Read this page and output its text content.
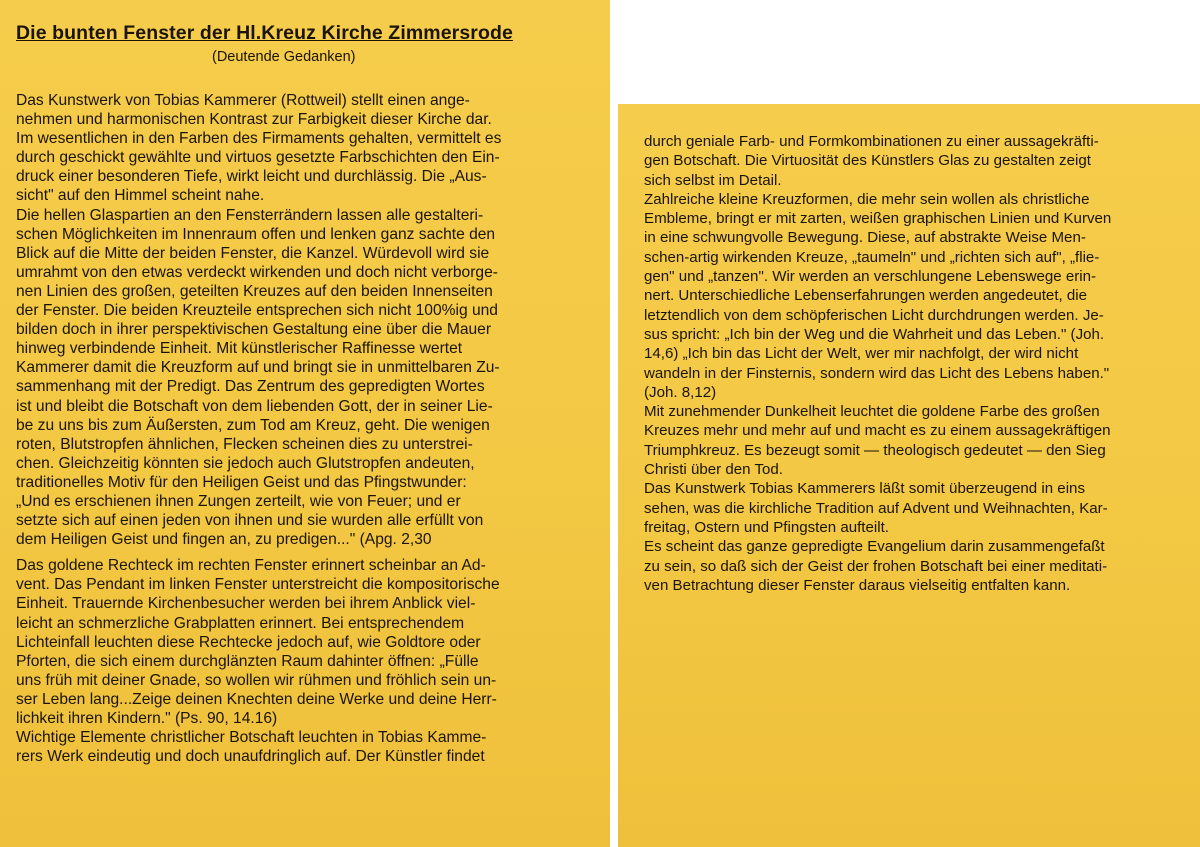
Die bunten Fenster der Hl.Kreuz Kirche Zimmersrode
(Deutende Gedanken)
Das Kunstwerk von Tobias Kammerer (Rottweil) stellt einen ange-
nehmen und harmonischen Kontrast zur Farbigkeit dieser Kirche dar.
Im wesentlichen in den Farben des Firmaments gehalten, vermittelt es
durch geschickt gewählte und virtuos gesetzte Farbschichten den Ein-
druck einer besonderen Tiefe, wirkt leicht und durchlässig. Die „Aus-
sicht" auf den Himmel scheint nahe.
Die hellen Glaspartien an den Fensterrändern lassen alle gestalteri-
schen Möglichkeiten im Innenraum offen und lenken ganz sachte den
Blick auf die Mitte der beiden Fenster, die Kanzel. Würdevoll wird sie
umrahmt von den etwas verdeckt wirkenden und doch nicht verborge-
nen Linien des großen, geteilten Kreuzes auf den beiden Innenseiten
der Fenster. Die beiden Kreuzteile entsprechen sich nicht 100%ig und
bilden doch in ihrer perspektivischen Gestaltung eine über die Mauer
hinweg verbindende Einheit. Mit künstlerischer Raffinesse wertet
Kammerer damit die Kreuzform auf und bringt sie in unmittelbaren Zu-
sammenhang mit der Predigt. Das Zentrum des gepredigten Wortes
ist und bleibt die Botschaft von dem liebenden Gott, der in seiner Lie-
be zu uns bis zum Äußersten, zum Tod am Kreuz, geht. Die wenigen
roten, Blutstropfen ähnlichen, Flecken scheinen dies zu unterstrei-
chen. Gleichzeitig könnten sie jedoch auch Glutstropfen andeuten,
traditionelles Motiv für den Heiligen Geist und das Pfingstwunder:
„Und es erschienen ihnen Zungen zerteilt, wie von Feuer; und er
setzte sich auf einen jeden von ihnen und sie wurden alle erfüllt von
dem Heiligen Geist und fingen an, zu predigen..." (Apg. 2,30
Das goldene Rechteck im rechten Fenster erinnert scheinbar an Ad-
vent. Das Pendant im linken Fenster unterstreicht die kompositorische
Einheit. Trauernde Kirchenbesucher werden bei ihrem Anblick viel-
leicht an schmerzliche Grabplatten erinnert. Bei entsprechendem
Lichteinfall leuchten diese Rechtecke jedoch auf, wie Goldtore oder
Pforten, die sich einem durchglänzten Raum dahinter öffnen: „Fülle
uns früh mit deiner Gnade, so wollen wir rühmen und fröhlich sein un-
ser Leben lang...Zeige deinen Knechten deine Werke und deine Herr-
lichkeit ihren Kindern." (Ps. 90, 14.16)
Wichtige Elemente christlicher Botschaft leuchten in Tobias Kamme-
rers Werk eindeutig und doch unaufdringlich auf. Der Künstler findet
durch geniale Farb- und Formkombinationen zu einer aussagekräfti-
gen Botschaft. Die Virtuosität des Künstlers Glas zu gestalten zeigt
sich selbst im Detail.
Zahlreiche kleine Kreuzformen, die mehr sein wollen als christliche
Embleme, bringt er mit zarten, weißen graphischen Linien und Kurven
in eine schwungvolle Bewegung. Diese, auf abstrakte Weise Men-
schen-artig wirkenden Kreuze, „taumeln" und „richten sich auf", „flie-
gen" und „tanzen". Wir werden an verschlungene Lebenswege erin-
nert. Unterschiedliche Lebenserfahrungen werden angedeutet, die
letztendlich von dem schöpferischen Licht durchdrungen werden. Je-
sus spricht: „Ich bin der Weg und die Wahrheit und das Leben." (Joh.
14,6) „Ich bin das Licht der Welt, wer mir nachfolgt, der wird nicht
wandeln in der Finsternis, sondern wird das Licht des Lebens haben."
(Joh. 8,12)
Mit zunehmender Dunkelheit leuchtet die goldene Farbe des großen
Kreuzes mehr und mehr auf und macht es zu einem aussagekräftigen
Triumphkreuz. Es bezeugt somit — theologisch gedeutet — den Sieg
Christi über den Tod.
Das Kunstwerk Tobias Kammerers läßt somit überzeugend in eins
sehen, was die kirchliche Tradition auf Advent und Weihnachten, Kar-
freitag, Ostern und Pfingsten aufteilt.
Es scheint das ganze gepredigte Evangelium darin zusammengefaßt
zu sein, so daß sich der Geist der frohen Botschaft bei einer meditati-
ven Betrachtung dieser Fenster daraus vielseitig entfalten kann.
